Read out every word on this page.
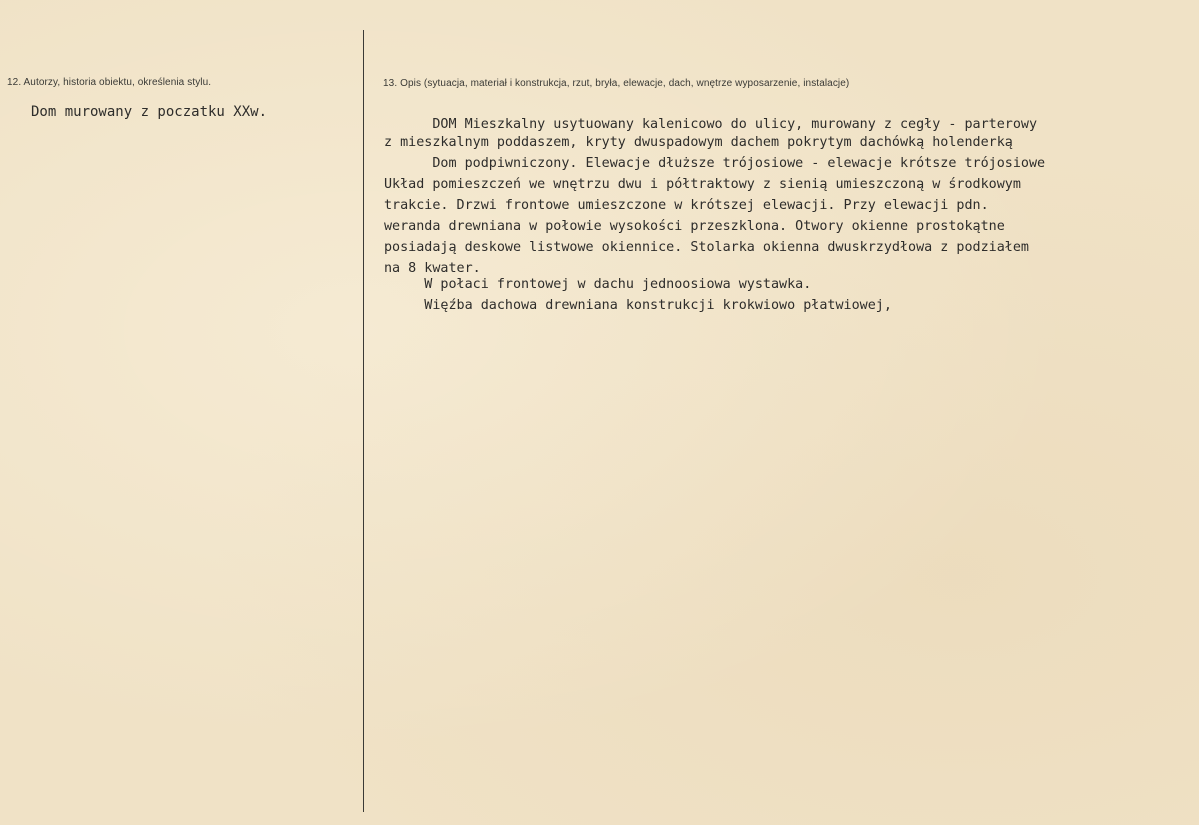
12. Autorzy, historia obiektu, określenia stylu.
Dom murowany z poczatku XXw.
13. Opis (sytuacja, materiał i konstrukcja, rzut, bryła, elewacje, dach, wnętrze wyposarzenie, instalacje)
DOM Mieszkalny usytuowany kalenicowo do ulicy, murowany z cegły - parterowy
z mieszkalnym poddaszem, kryty dwuspadowym dachem pokrytym dachówką holenderką
Dom podpiwniczony. Elewacje dłuższe trójosiowe - elewacje krótsze trójosiowe
Układ pomieszczeń we wnętrzu dwu i półtraktowy z sienią umieszczoną w środkowym
trakcie. Drzwi frontowe umieszczone w krótszej elewacji. Przy elewacji pdn.
weranda drewniana w połowie wysokości przeszklona. Otwory okienne prostokątne
posiadają deskowe listwowe okiennice. Stolarka okienna dwuskrzydłowa z podziałem
na 8 kwater.
W połaci frontowej w dachu jednoosiowa wystawka.
Więźba dachowa drewniana konstrukcji krokwiowo płatwiowej,
